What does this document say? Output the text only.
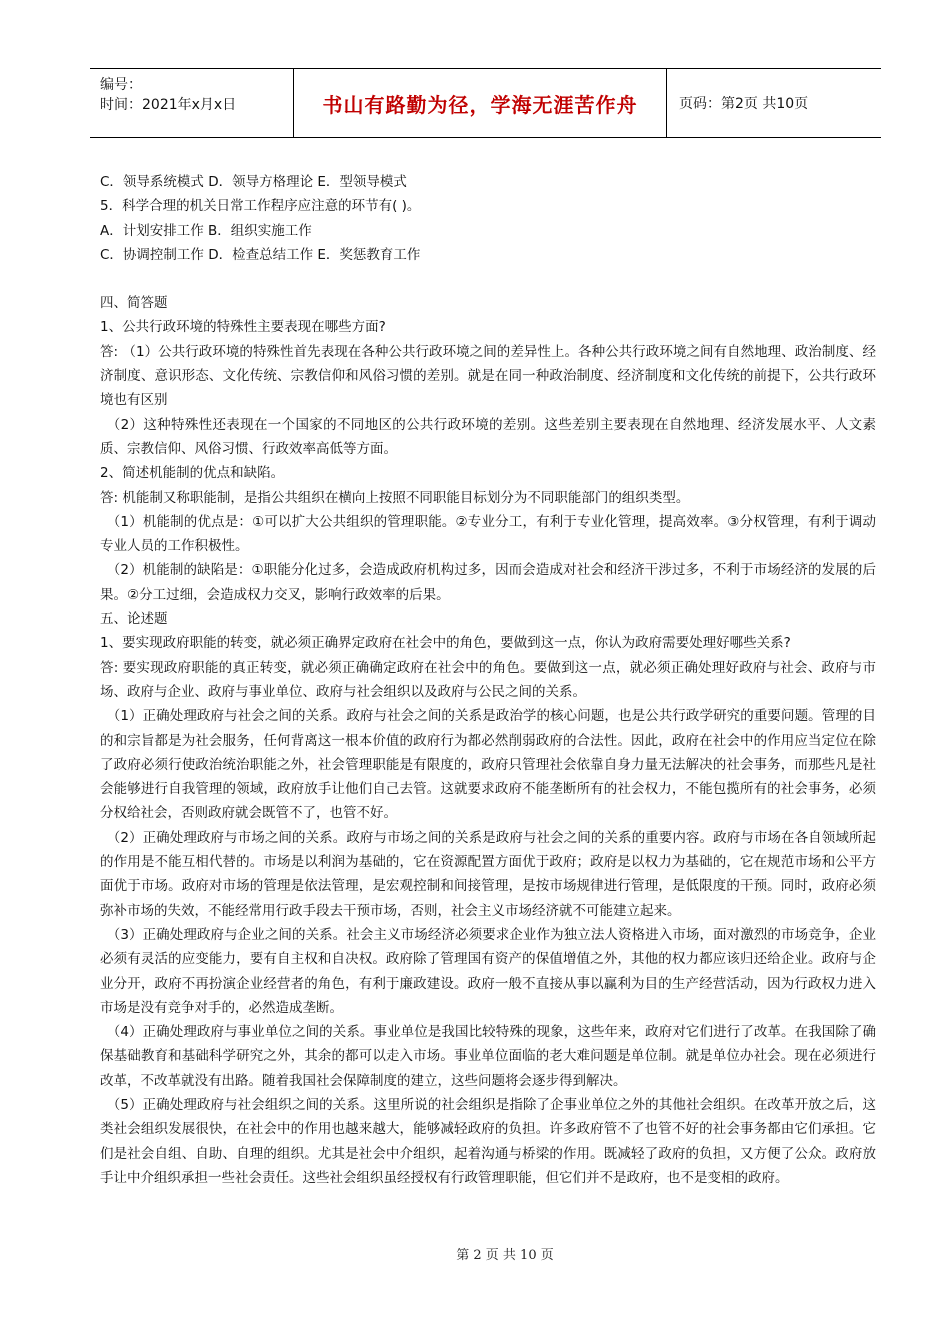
编号：
时间：2021年x月x日	书山有路勤为径，学海无涯苦作舟	页码：第2页 共10页

C．领导系统模式 D．领导方格理论 E．型领导模式

5．科学合理的机关日常工作程序应注意的环节有( )。

A．计划安排工作 B．组织实施工作

C．协调控制工作 D．检查总结工作 E．奖惩教育工作

四、简答题

1、公共行政环境的特殊性主要表现在哪些方面?

答: （1）公共行政环境的特殊性首先表现在各种公共行政环境之间的差异性上。各种公共行政环境之间有自然地理、政治制度、经济制度、意识形态、文化传统、宗教信仰和风俗习惯的差别。就是在同一种政治制度、经济制度和文化传统的前提下，公共行政环境也有区别

（2）这种特殊性还表现在一个国家的不同地区的公共行政环境的差别。这些差别主要表现在自然地理、经济发展水平、人文素质、宗教信仰、风俗习惯、行政效率高低等方面。

2、简述机能制的优点和缺陷。

答: 机能制又称职能制，是指公共组织在横向上按照不同职能目标划分为不同职能部门的组织类型。

（1）机能制的优点是：①可以扩大公共组织的管理职能。②专业分工，有利于专业化管理，提高效率。③分权管理，有利于调动专业人员的工作积极性。

（2）机能制的缺陷是：①职能分化过多，会造成政府机构过多，因而会造成对社会和经济干涉过多，不利于市场经济的发展的后果。②分工过细，会造成权力交叉，影响行政效率的后果。

五、论述题

1、要实现政府职能的转变，就必须正确界定政府在社会中的角色，要做到这一点，你认为政府需要处理好哪些关系?

答: 要实现政府职能的真正转变，就必须正确确定政府在社会中的角色。要做到这一点，就必须正确处理好政府与社会、政府与市场、政府与企业、政府与事业单位、政府与社会组织以及政府与公民之间的关系。

（1）正确处理政府与社会之间的关系。政府与社会之间的关系是政治学的核心问题，也是公共行政学研究的重要问题。管理的目的和宗旨都是为社会服务，任何背离这一根本价值的政府行为都必然削弱政府的合法性。因此，政府在社会中的作用应当定位在除了政府必须行使政治统治职能之外，社会管理职能是有限度的，政府只管理社会依靠自身力量无法解决的社会事务，而那些凡是社会能够进行自我管理的领域，政府放手让他们自己去管。这就要求政府不能垄断所有的社会权力，不能包揽所有的社会事务，必须分权给社会，否则政府就会既管不了，也管不好。

（2）正确处理政府与市场之间的关系。政府与市场之间的关系是政府与社会之间的关系的重要内容。政府与市场在各自领域所起的作用是不能互相代替的。市场是以利润为基础的，它在资源配置方面优于政府；政府是以权力为基础的，它在规范市场和公平方面优于市场。政府对市场的管理是依法管理，是宏观控制和间接管理，是按市场规律进行管理，是低限度的干预。同时，政府必须弥补市场的失效，不能经常用行政手段去干预市场，否则，社会主义市场经济就不可能建立起来。

（3）正确处理政府与企业之间的关系。社会主义市场经济必须要求企业作为独立法人资格进入市场，面对激烈的市场竞争，企业必须有灵活的应变能力，要有自主权和自决权。政府除了管理国有资产的保值增值之外，其他的权力都应该归还给企业。政府与企业分开，政府不再扮演企业经营者的角色，有利于廉政建设。政府一般不直接从事以赢利为目的生产经营活动，因为行政权力进入市场是没有竞争对手的，必然造成垄断。

（4）正确处理政府与事业单位之间的关系。事业单位是我国比较特殊的现象，这些年来，政府对它们进行了改革。在我国除了确保基础教育和基础科学研究之外，其余的都可以走入市场。事业单位面临的老大难问题是单位制。就是单位办社会。现在必须进行改革，不改革就没有出路。随着我国社会保障制度的建立，这些问题将会逐步得到解决。

（5）正确处理政府与社会组织之间的关系。这里所说的社会组织是指除了企事业单位之外的其他社会组织。在改革开放之后，这类社会组织发展很快，在社会中的作用也越来越大，能够减轻政府的负担。许多政府管不了也管不好的社会事务都由它们承担。它们是社会自组、自助、自理的组织。尤其是社会中介组织，起着沟通与桥梁的作用。既减轻了政府的负担，又方便了公众。政府放手让中介组织承担一些社会责任。这些社会组织虽经授权有行政管理职能，但它们并不是政府，也不是变相的政府。

第 2 页 共 10 页
